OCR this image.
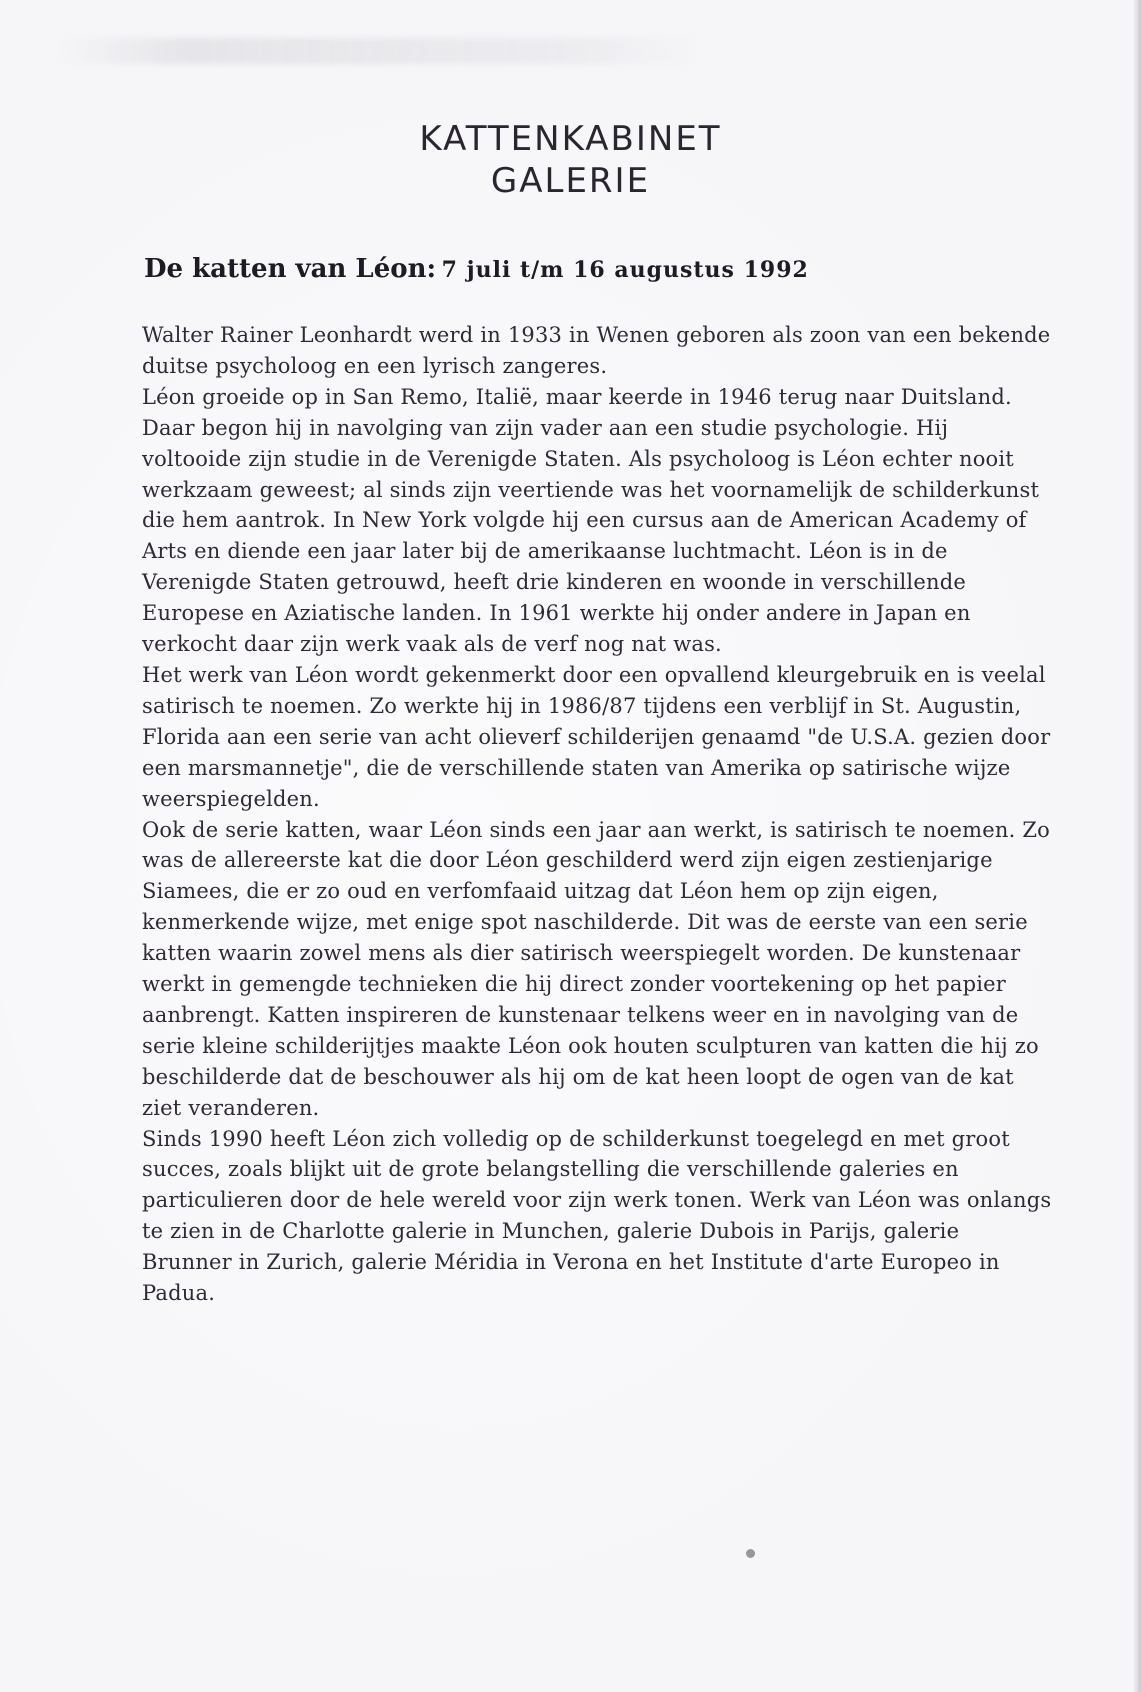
KATTENKABINET
GALERIE
De katten van Léon: 7 juli t/m 16 augustus 1992

Walter Rainer Leonhardt werd in 1933 in Wenen geboren als zoon van een bekende duitse psycholoog en een lyrisch zangeres.

Léon groeide op in San Remo, Italië, maar keerde in 1946 terug naar Duitsland. Daar begon hij in navolging van zijn vader aan een studie psychologie. Hij voltooide zijn studie in de Verenigde Staten. Als psycholoog is Léon echter nooit werkzaam geweest; al sinds zijn veertiende was het voornamelijk de schilderkunst die hem aantrok. In New York volgde hij een cursus aan de American Academy of Arts en diende een jaar later bij de amerikaanse luchtmacht. Léon is in de Verenigde Staten getrouwd, heeft drie kinderen en woonde in verschillende Europese en Aziatische landen. In 1961 werkte hij onder andere in Japan en verkocht daar zijn werk vaak als de verf nog nat was.

Het werk van Léon wordt gekenmerkt door een opvallend kleurgebruik en is veelal satirisch te noemen. Zo werkte hij in 1986/87 tijdens een verblijf in St. Augustin, Florida aan een serie van acht olieverf schilderijen genaamd "de U.S.A. gezien door een marsmannetje", die de verschillende staten van Amerika op satirische wijze weerspiegelden.

Ook de serie katten, waar Léon sinds een jaar aan werkt, is satirisch te noemen. Zo was de allereerste kat die door Léon geschilderd werd zijn eigen zestienjarige Siamees, die er zo oud en verfomfaaid uitzag dat Léon hem op zijn eigen, kenmerkende wijze, met enige spot naschilderde. Dit was de eerste van een serie katten waarin zowel mens als dier satirisch weerspiegelt worden. De kunstenaar werkt in gemengde technieken die hij direct zonder voortekening op het papier aanbrengt. Katten inspireren de kunstenaar telkens weer en in navolging van de serie kleine schilderijtjes maakte Léon ook houten sculpturen van katten die hij zo beschilderde dat de beschouwer als hij om de kat heen loopt de ogen van de kat ziet veranderen.

Sinds 1990 heeft Léon zich volledig op de schilderkunst toegelegd en met groot succes, zoals blijkt uit de grote belangstelling die verschillende galeries en particulieren door de hele wereld voor zijn werk tonen. Werk van Léon was onlangs te zien in de Charlotte galerie in Munchen, galerie Dubois in Parijs, galerie Brunner in Zurich, galerie Méridia in Verona en het Institute d'arte Europeo in Padua.
